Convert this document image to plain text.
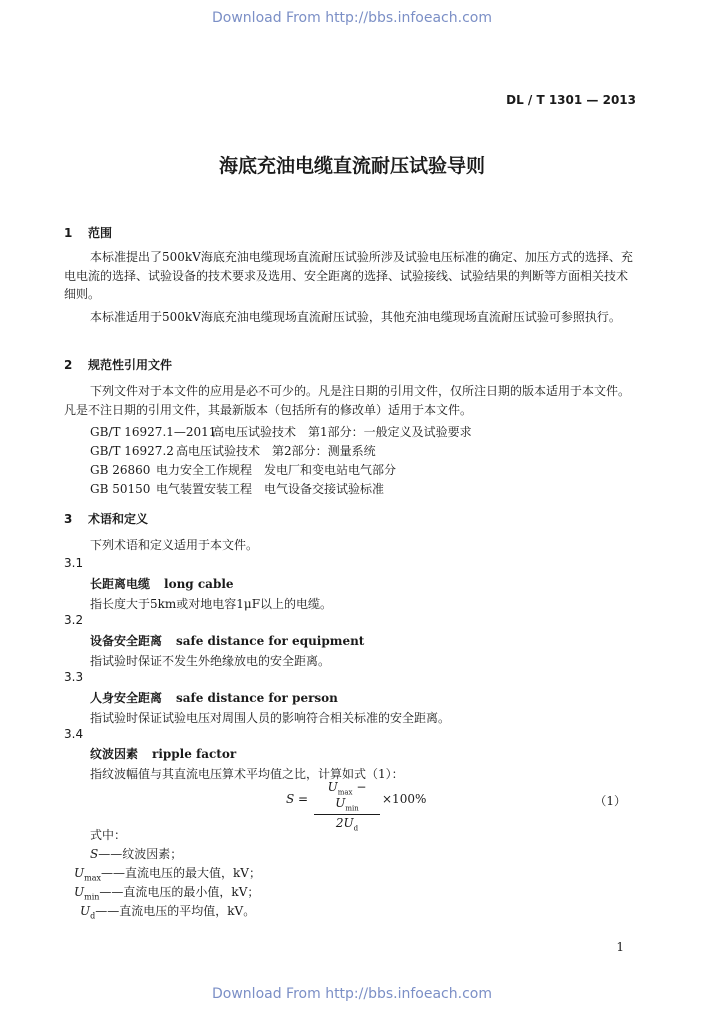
Download From http://bbs.infoeach.com
DL / T 1301 — 2013
海底充油电缆直流耐压试验导则
1 范围

本标准提出了500kV海底充油电缆现场直流耐压试验所涉及试验电压标准的确定、加压方式的选择、充电电流的选择、试验设备的技术要求及选用、安全距离的选择、试验接线、试验结果的判断等方面相关技术细则。

本标准适用于500kV海底充油电缆现场直流耐压试验，其他充油电缆现场直流耐压试验可参照执行。

2 规范性引用文件

下列文件对于本文件的应用是必不可少的。凡是注日期的引用文件，仅所注日期的版本适用于本文件。凡是不注日期的引用文件，其最新版本（包括所有的修改单）适用于本文件。

GB/T 16927.1—2011高电压试验技术　第1部分：一般定义及试验要求
GB/T 16927.2 高电压试验技术　第2部分：测量系统
GB 26860 电力安全工作规程　发电厂和变电站电气部分
GB 50150 电气装置安装工程　电气设备交接试验标准
3 术语和定义
下列术语和定义适用于本文件。
3.1
长距离电缆 long cable
指长度大于5km或对地电容1μF以上的电缆。
3.2
设备安全距离 safe distance for equipment
指试验时保证不发生外绝缘放电的安全距离。
3.3
人身安全距离 safe distance for person
指试验时保证试验电压对周围人员的影响符合相关标准的安全距离。
3.4
纹波因素 ripple factor
指纹波幅值与其直流电压算术平均值之比，计算如式（1）：
S =
$U_{max} - U_{min}$
$2U_d$
×100%	（1）
式中：
S——纹波因素；
$U_{max}——$直流电压的最大值，kV；
$U_{min}——$直流电压的最小值，kV；
$U_d——$直流电压的平均值，kV。
1
Download From http://bbs.infoeach.com
